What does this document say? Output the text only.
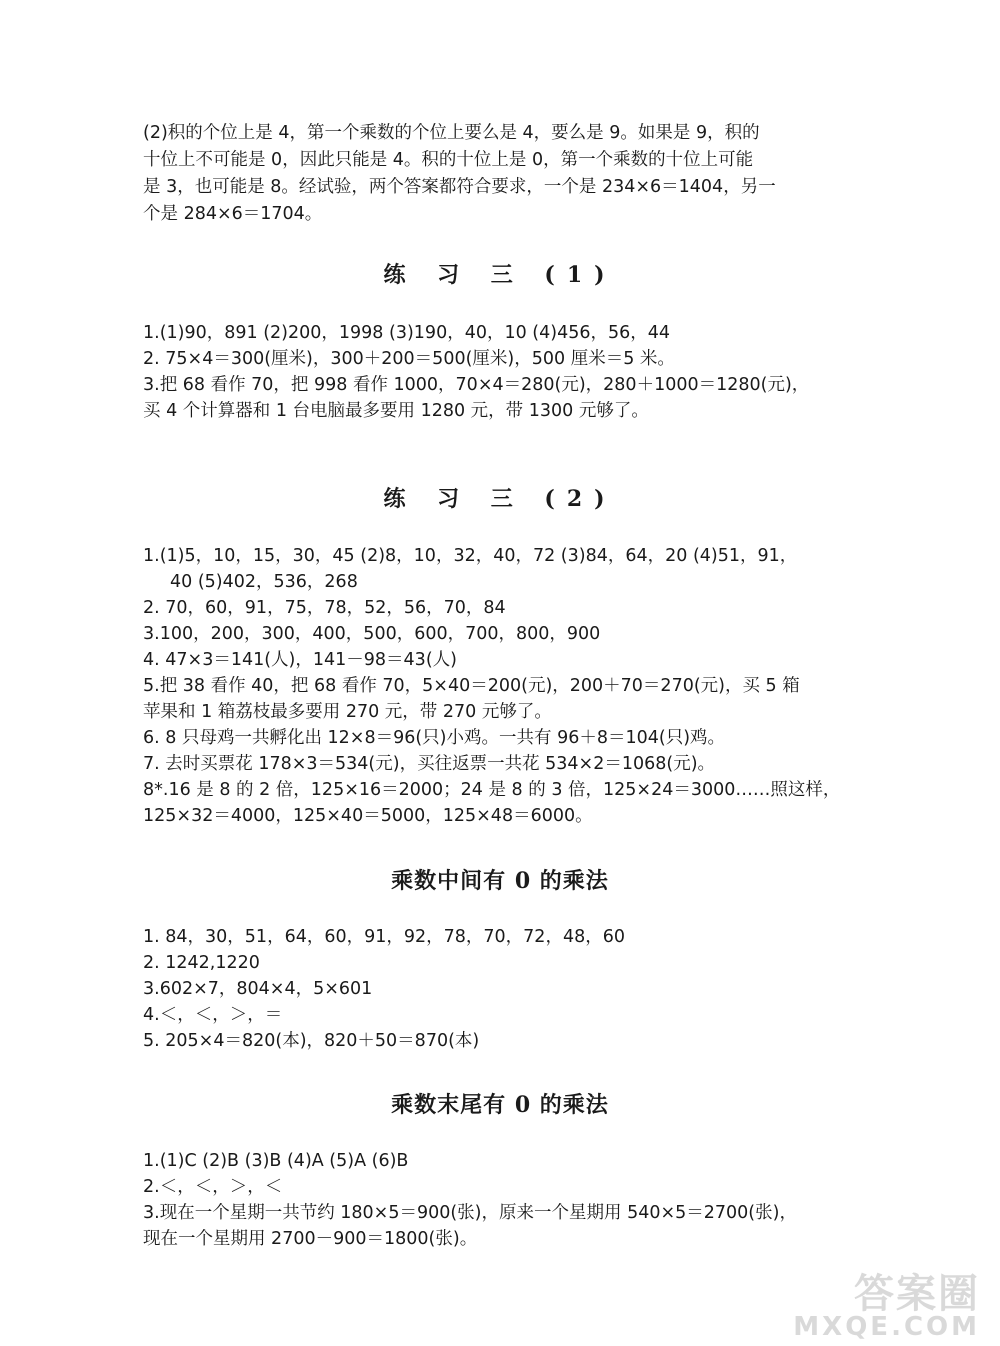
(2)积的个位上是 4，第一个乘数的个位上要么是 4，要么是 9。如果是 9，积的
十位上不可能是 0，因此只能是 4。积的十位上是 0，第一个乘数的十位上可能
是 3，也可能是 8。经试验，两个答案都符合要求，一个是 234×6＝1404，另一
个是 284×6＝1704。
练 习 三 (1)
1.(1)90，891 (2)200，1998 (3)190，40，10 (4)456，56，44
2. 75×4＝300(厘米)，300＋200＝500(厘米)，500 厘米＝5 米。
3.把 68 看作 70，把 998 看作 1000，70×4＝280(元)，280＋1000＝1280(元)，
买 4 个计算器和 1 台电脑最多要用 1280 元，带 1300 元够了。
练 习 三 (2)
1.(1)5，10，15，30，45 (2)8，10，32，40，72 (3)84，64，20 (4)51，91，
40 (5)402，536，268
2. 70，60，91，75，78，52，56，70，84
3.100，200，300，400，500，600，700，800，900
4. 47×3＝141(人)，141－98＝43(人)
5.把 38 看作 40，把 68 看作 70，5×40＝200(元)，200＋70＝270(元)，买 5 箱
苹果和 1 箱荔枝最多要用 270 元，带 270 元够了。
6. 8 只母鸡一共孵化出 12×8＝96(只)小鸡。一共有 96＋8＝104(只)鸡。
7. 去时买票花 178×3＝534(元)，买往返票一共花 534×2＝1068(元)。
8*.16 是 8 的 2 倍，125×16＝2000；24 是 8 的 3 倍，125×24＝3000……照这样，
125×32＝4000，125×40＝5000，125×48＝6000。
乘数中间有 0 的乘法
1. 84，30，51，64，60，91，92，78，70，72，48，60
2. 1242,1220
3.602×7，804×4，5×601
4.＜，＜，＞，＝
5. 205×4＝820(本)，820＋50＝870(本)
乘数末尾有 0 的乘法
1.(1)C (2)B (3)B (4)A (5)A (6)B
2.＜，＜，＞，＜
3.现在一个星期一共节约 180×5＝900(张)，原来一个星期用 540×5＝2700(张)，
现在一个星期用 2700－900＝1800(张)。
答案圈
MXQE.COM
